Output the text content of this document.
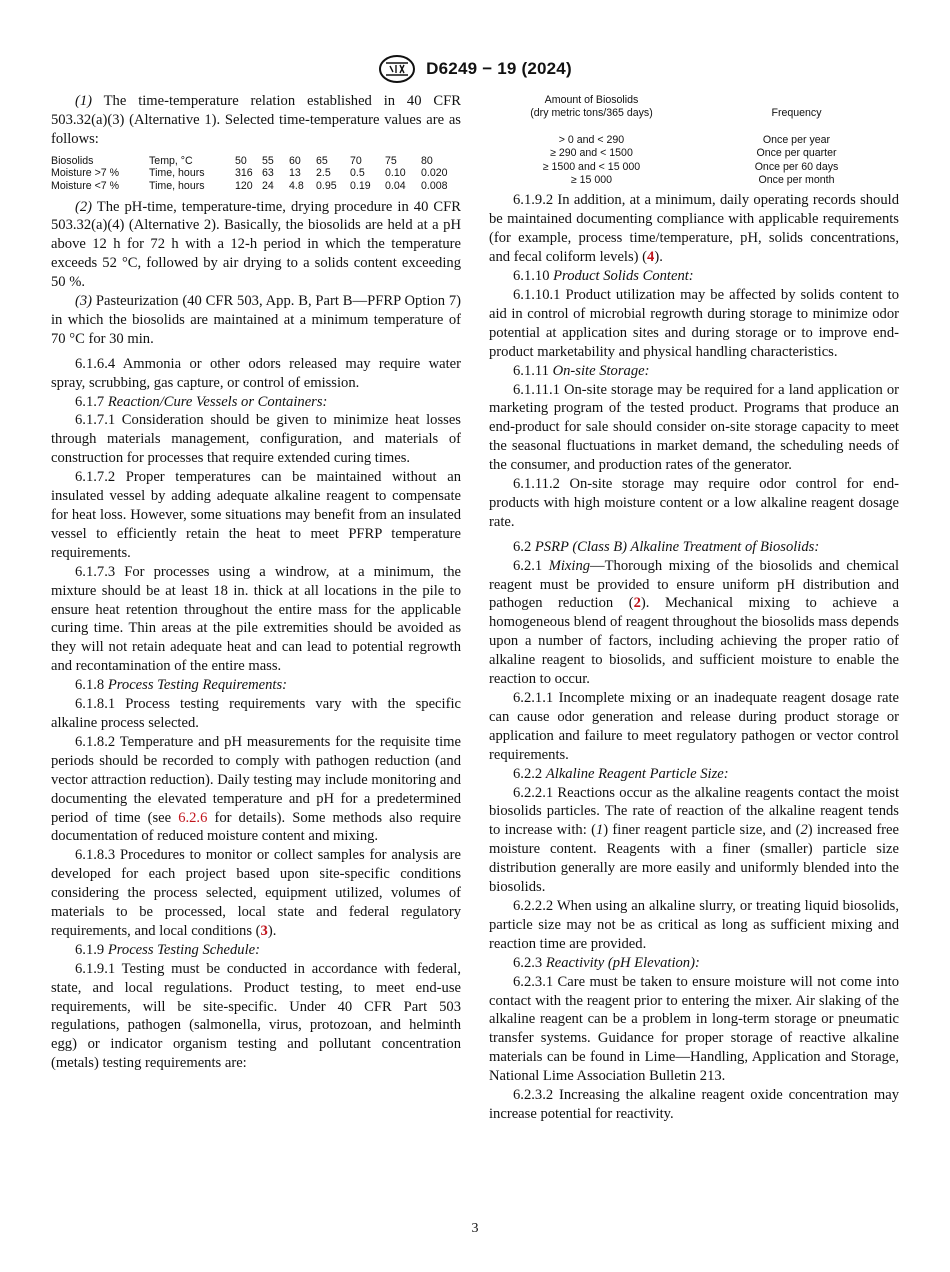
D6249 − 19 (2024)

(1) The time-temperature relation established in 40 CFR 503.32(a)(3) (Alternative 1). Selected time-temperature values are as follows:

Biosolids	Temp, °C	50	55	60	65	70	75	80
Moisture >7 %	Time, hours	316	63	13	2.5	0.5	0.10	0.020
Moisture <7 %	Time, hours	120	24	4.8	0.95	0.19	0.04	0.008

(2) The pH-time, temperature-time, drying procedure in 40 CFR 503.32(a)(4) (Alternative 2). Basically, the biosolids are held at a pH above 12 h for 72 h with a 12-h period in which the temperature exceeds 52 °C, followed by air drying to a solids content exceeding 50 %.

(3) Pasteurization (40 CFR 503, App. B, Part B—PFRP Option 7) in which the biosolids are maintained at a minimum temperature of 70 °C for 30 min.

6.1.6.4 Ammonia or other odors released may require water spray, scrubbing, gas capture, or control of emission.

6.1.7 Reaction/Cure Vessels or Containers:

6.1.7.1 Consideration should be given to minimize heat losses through materials management, configuration, and materials of construction for processes that require extended curing times.

6.1.7.2 Proper temperatures can be maintained without an insulated vessel by adding adequate alkaline reagent to compensate for heat loss. However, some situations may benefit from an insulated vessel to efficiently retain the heat to meet PFRP temperature requirements.

6.1.7.3 For processes using a windrow, at a minimum, the mixture should be at least 18 in. thick at all locations in the pile to ensure heat retention throughout the entire mass for the applicable curing time. Thin areas at the pile extremities should be avoided as they will not retain adequate heat and can lead to potential regrowth and recontamination of the entire mass.

6.1.8 Process Testing Requirements:

6.1.8.1 Process testing requirements vary with the specific alkaline process selected.

6.1.8.2 Temperature and pH measurements for the requisite time periods should be recorded to comply with pathogen reduction (and vector attraction reduction). Daily testing may include monitoring and documenting the elevated temperature and pH for a predetermined period of time (see 6.2.6 for details). Some methods also require documentation of reduced moisture content and mixing.

6.1.8.3 Procedures to monitor or collect samples for analysis are developed for each project based upon site-specific conditions considering the process selected, equipment utilized, volumes of materials to be processed, local state and federal regulatory requirements, and local conditions (3).

6.1.9 Process Testing Schedule:

6.1.9.1 Testing must be conducted in accordance with federal, state, and local regulations. Product testing, to meet end-use requirements, will be site-specific. Under 40 CFR Part 503 regulations, pathogen (salmonella, virus, protozoan, and helminth egg) or indicator organism testing and pollutant concentration (metals) testing requirements are:

Amount of Biosolids
(dry metric tons/365 days)	Frequency

> 0 and < 290	Once per year
≥ 290 and < 1500	Once per quarter
≥ 1500 and < 15 000	Once per 60 days
≥ 15 000	Once per month

6.1.9.2 In addition, at a minimum, daily operating records should be maintained documenting compliance with applicable requirements (for example, process time/temperature, pH, solids concentrations, and fecal coliform levels) (4).

6.1.10 Product Solids Content:

6.1.10.1 Product utilization may be affected by solids content to aid in control of microbial regrowth during storage to minimize odor potential at application sites and during storage or to improve end-product marketability and physical handling characteristics.

6.1.11 On-site Storage:

6.1.11.1 On-site storage may be required for a land application or marketing program of the tested product. Programs that produce an end-product for sale should consider on-site storage capacity to meet the seasonal fluctuations in market demand, the scheduling needs of the consumer, and production rates of the generator.

6.1.11.2 On-site storage may require odor control for end-products with high moisture content or a low alkaline reagent dosage rate.

6.2 PSRP (Class B) Alkaline Treatment of Biosolids:

6.2.1 Mixing—Thorough mixing of the biosolids and chemical reagent must be provided to ensure uniform pH distribution and pathogen reduction (2). Mechanical mixing to achieve a homogeneous blend of reagent throughout the biosolids mass depends upon a number of factors, including achieving the proper ratio of alkaline reagent to biosolids, and sufficient moisture to enable the reaction to occur.

6.2.1.1 Incomplete mixing or an inadequate reagent dosage rate can cause odor generation and release during product storage or application and failure to meet regulatory pathogen or vector control requirements.

6.2.2 Alkaline Reagent Particle Size:

6.2.2.1 Reactions occur as the alkaline reagents contact the moist biosolids particles. The rate of reaction of the alkaline reagent tends to increase with: (1) finer reagent particle size, and (2) increased free moisture content. Reagents with a finer (smaller) particle size distribution generally are more easily and uniformly blended into the biosolids.

6.2.2.2 When using an alkaline slurry, or treating liquid biosolids, particle size may not be as critical as long as sufficient mixing and reaction time are provided.

6.2.3 Reactivity (pH Elevation):

6.2.3.1 Care must be taken to ensure moisture will not come into contact with the reagent prior to entering the mixer. Air slaking of the alkaline reagent can be a problem in long-term storage or pneumatic transfer systems. Guidance for proper storage of reactive alkaline materials can be found in Lime—Handling, Application and Storage, National Lime Association Bulletin 213.

6.2.3.2 Increasing the alkaline reagent oxide concentration may increase potential for reactivity.

3
